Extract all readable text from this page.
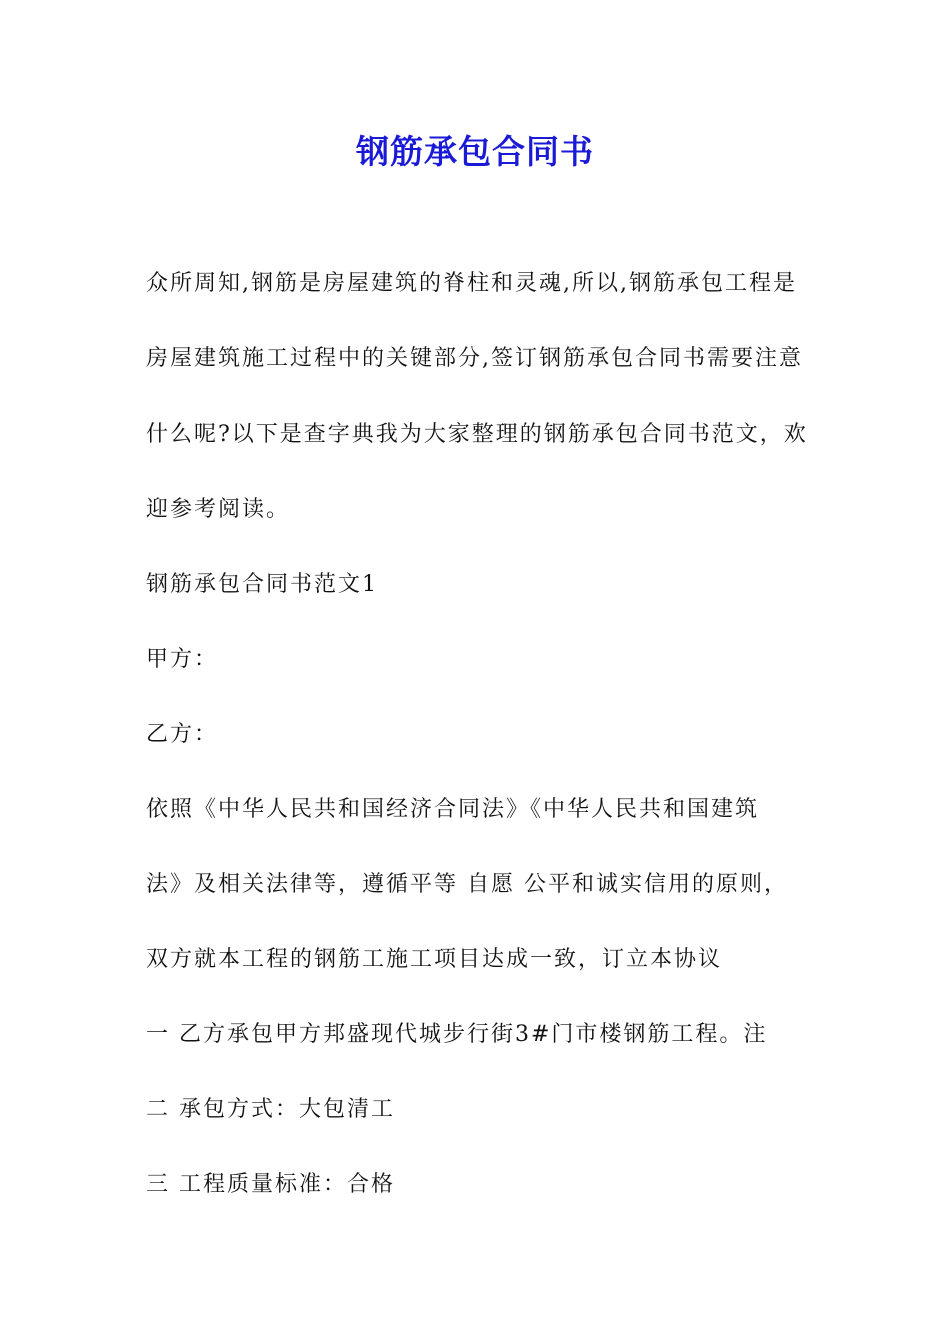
钢筋承包合同书
众所周知,钢筋是房屋建筑的脊柱和灵魂,所以,钢筋承包工程是
房屋建筑施工过程中的关键部分,签订钢筋承包合同书需要注意
什么呢?以下是查字典我为大家整理的钢筋承包合同书范文，欢
迎参考阅读。
钢筋承包合同书范文1
甲方：
乙方：
依照《中华人民共和国经济合同法》《中华人民共和国建筑
法》及相关法律等，遵循平等 自愿 公平和诚实信用的原则，
双方就本工程的钢筋工施工项目达成一致，订立本协议
一 乙方承包甲方邦盛现代城步行街3#门市楼钢筋工程。注
二 承包方式：大包清工
三 工程质量标准：合格
